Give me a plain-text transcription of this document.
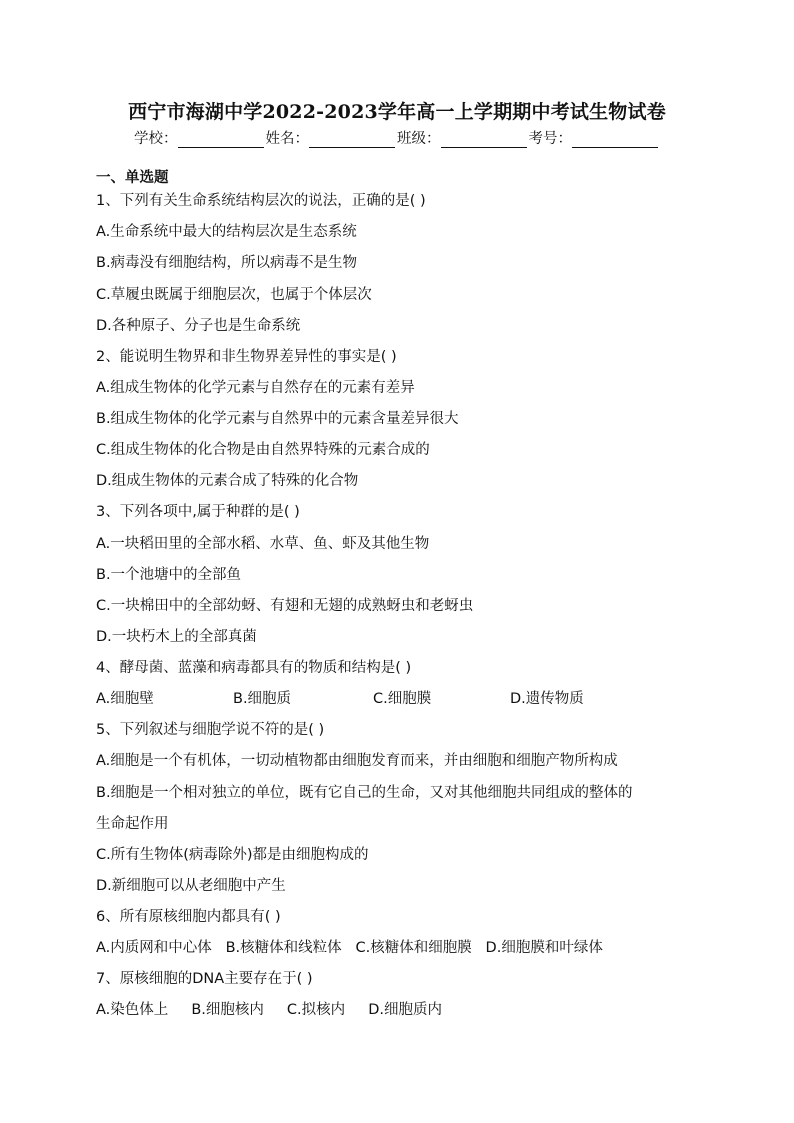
西宁市海湖中学2022-2023学年高一上学期期中考试生物试卷
学校：	姓名：	班级：	考号：
一、单选题
1、下列有关生命系统结构层次的说法，正确的是( )
A.生命系统中最大的结构层次是生态系统
B.病毒没有细胞结构，所以病毒不是生物
C.草履虫既属于细胞层次，也属于个体层次
D.各种原子、分子也是生命系统
2、能说明生物界和非生物界差异性的事实是( )
A.组成生物体的化学元素与自然存在的元素有差异
B.组成生物体的化学元素与自然界中的元素含量差异很大
C.组成生物体的化合物是由自然界特殊的元素合成的
D.组成生物体的元素合成了特殊的化合物
3、下列各项中,属于种群的是( )
A.一块稻田里的全部水稻、水草、鱼、虾及其他生物
B.一个池塘中的全部鱼
C.一块棉田中的全部幼蚜、有翅和无翅的成熟蚜虫和老蚜虫
D.一块朽木上的全部真菌
4、酵母菌、蓝藻和病毒都具有的物质和结构是( )
A.细胞壁	B.细胞质	C.细胞膜	D.遗传物质
5、下列叙述与细胞学说不符的是( )
A.细胞是一个有机体，一切动植物都由细胞发育而来，并由细胞和细胞产物所构成
B.细胞是一个相对独立的单位，既有它自己的生命，又对其他细胞共同组成的整体的
生命起作用
C.所有生物体(病毒除外)都是由细胞构成的
D.新细胞可以从老细胞中产生
6、所有原核细胞内都具有( )
A.内质网和中心体   B.核糖体和线粒体   C.核糖体和细胞膜   D.细胞膜和叶绿体
7、原核细胞的DNA主要存在于( )
A.染色体上     B.细胞核内     C.拟核内     D.细胞质内
